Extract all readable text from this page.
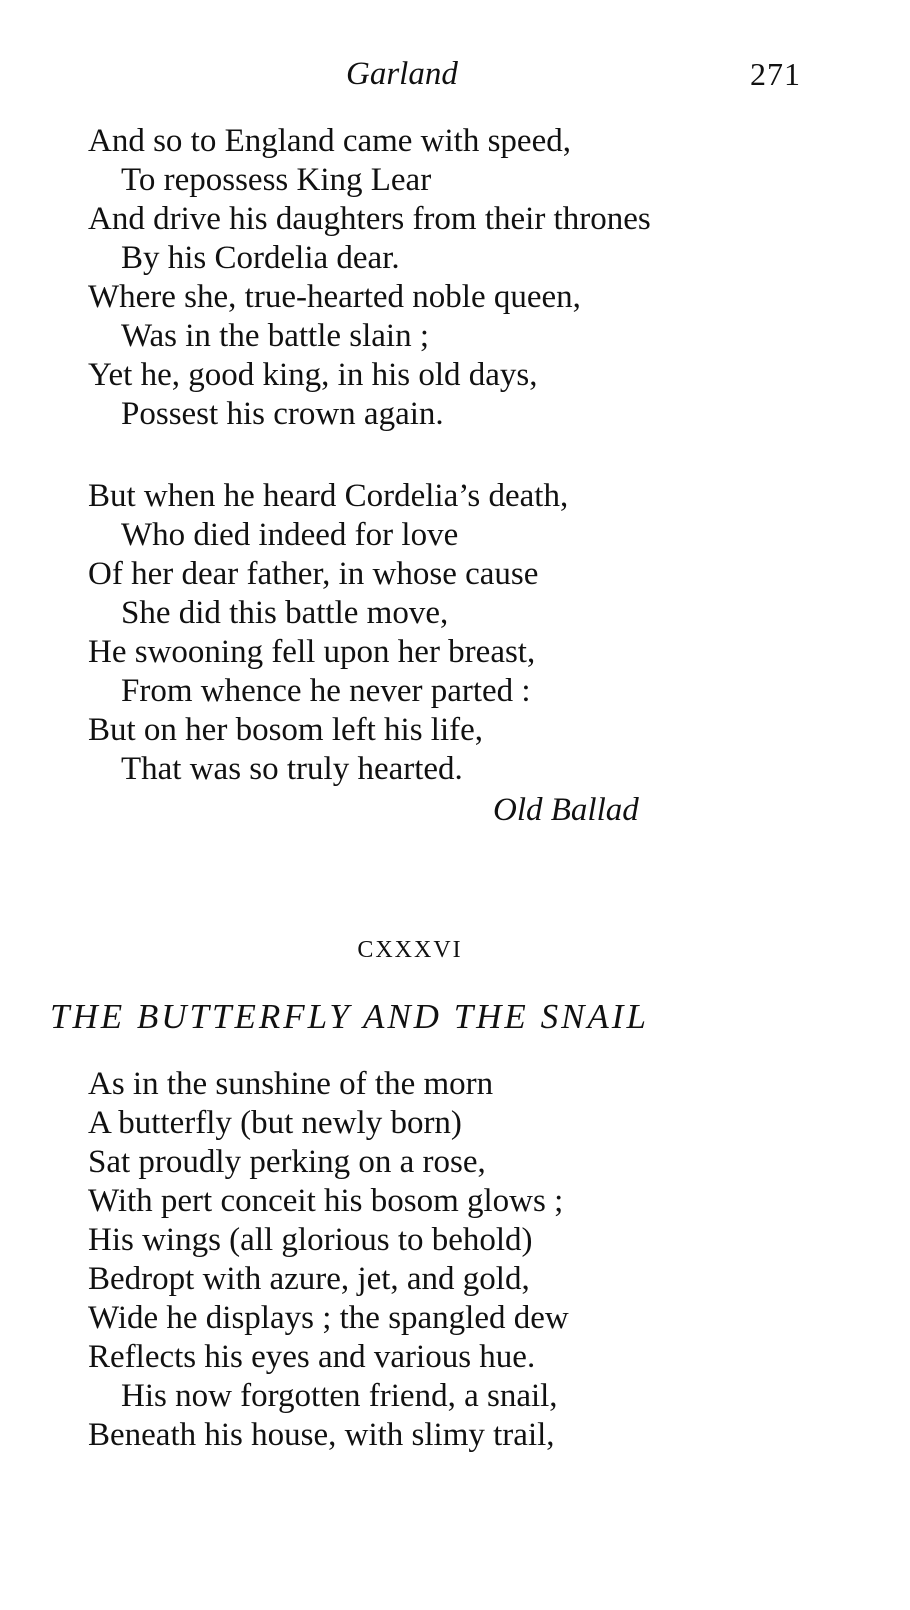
Garland	271
And so to England came with speed,
To repossess King Lear
And drive his daughters from their thrones
By his Cordelia dear.
Where she, true-hearted noble queen,
Was in the battle slain ;
Yet he, good king, in his old days,
Possest his crown again.
But when he heard Cordelia’s death,
Who died indeed for love
Of her dear father, in whose cause
She did this battle move,
He swooning fell upon her breast,
From whence he never parted :
But on her bosom left his life,
That was so truly hearted.
Old Ballad
CXXXVI
THE BUTTERFLY AND THE SNAIL
As in the sunshine of the morn
A butterfly (but newly born)
Sat proudly perking on a rose,
With pert conceit his bosom glows ;
His wings (all glorious to behold)
Bedropt with azure, jet, and gold,
Wide he displays ; the spangled dew
Reflects his eyes and various hue.
His now forgotten friend, a snail,
Beneath his house, with slimy trail,
